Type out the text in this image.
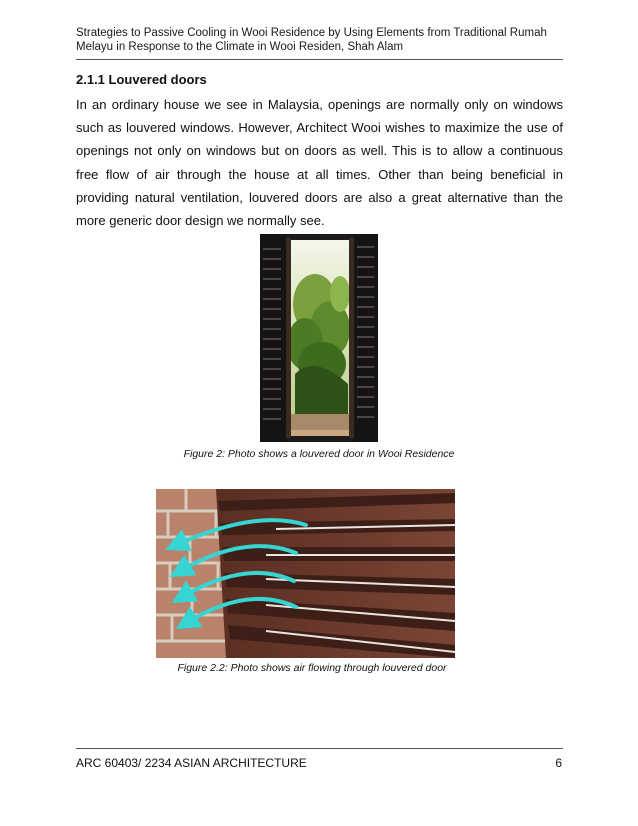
Strategies to Passive Cooling in Wooi Residence by Using Elements from Traditional Rumah
Melayu in Response to the Climate in Wooi Residen, Shah Alam
2.1.1 Louvered doors

In an ordinary house we see in Malaysia, openings are normally only on windows such as louvered windows. However, Architect Wooi wishes to maximize the use of openings not only on windows but on doors as well. This is to allow a continuous free flow of air through the house at all times. Other than being beneficial in providing natural ventilation, louvered doors are also a great alternative than the more generic door design we normally see.

Figure 2: Photo shows a louvered door in Wooi Residence
Figure 2.2: Photo shows air flowing through louvered door
ARC 60403/ 2234 ASIAN ARCHITECTURE	6
